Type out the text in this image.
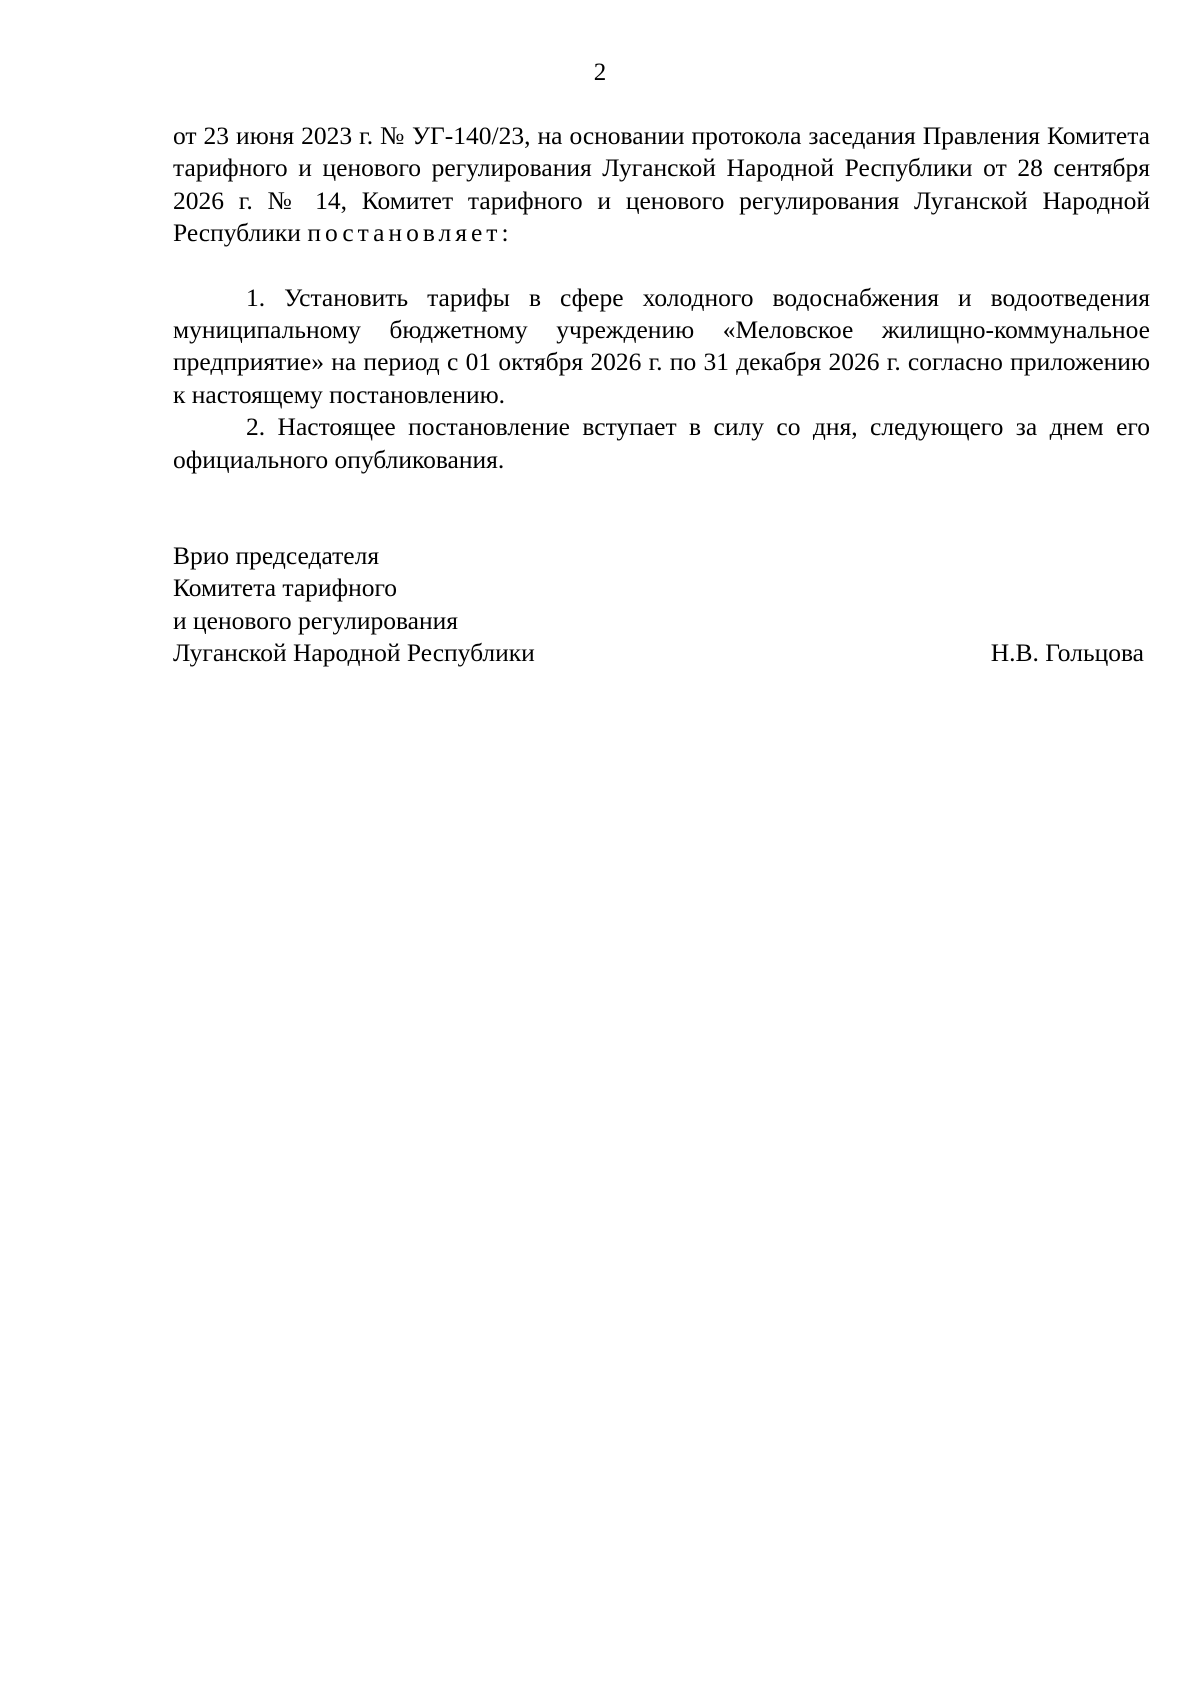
2

от 23 июня 2023 г. № УГ-140/23, на основании протокола заседания Правления Комитета тарифного и ценового регулирования Луганской Народной Республики от 28 сентября 2026 г. № 14, Комитет тарифного и ценового регулирования Луганской Народной Республики постановляет:

1. Установить тарифы в сфере холодного водоснабжения и водоотведения муниципальному бюджетному учреждению «Меловское жилищно-коммунальное предприятие» на период с 01 октября 2026 г. по 31 декабря 2026 г. согласно приложению к настоящему постановлению.

2. Настоящее постановление вступает в силу со дня, следующего за днем его официального опубликования.

Врио председателя
Комитета тарифного
и ценового регулирования
Луганской Народной Республики	Н.В. Гольцова
